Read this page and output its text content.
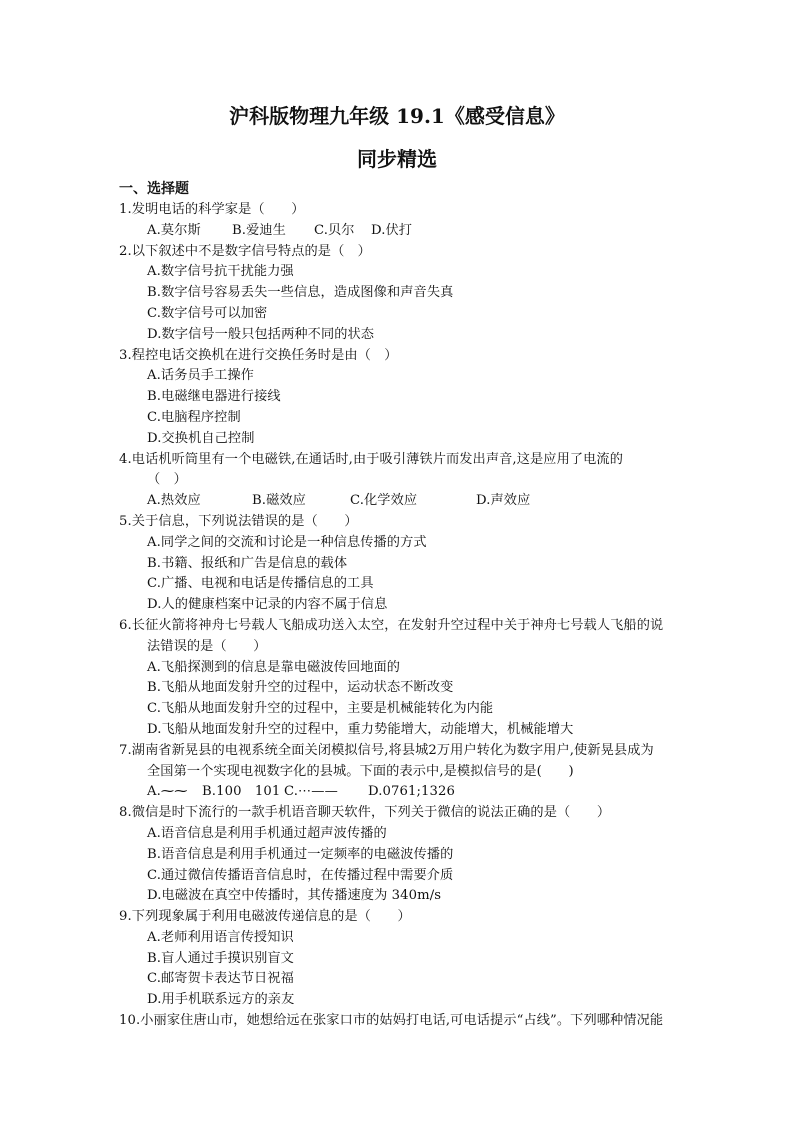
沪科版物理九年级 19.1《感受信息》
同步精选
一、选择题
1.发明电话的科学家是（　　）
A.莫尔斯	B.爱迪生	C.贝尔	D.伏打
2.以下叙述中不是数字信号特点的是（　）
A.数字信号抗干扰能力强
B.数字信号容易丢失一些信息，造成图像和声音失真
C.数字信号可以加密
D.数字信号一般只包括两种不同的状态
3.程控电话交换机在进行交换任务时是由（　）
A.话务员手工操作
B.电磁继电器进行接线
C.电脑程序控制
D.交换机自己控制
4.电话机听筒里有一个电磁铁,在通话时,由于吸引薄铁片而发出声音,这是应用了电流的
（　）
A.热效应	B.磁效应	C.化学效应	D.声效应
5.关于信息，下列说法错误的是（　　）
A.同学之间的交流和讨论是一种信息传播的方式
B.书籍、报纸和广告是信息的载体
C.广播、电视和电话是传播信息的工具
D.人的健康档案中记录的内容不属于信息
6.长征火箭将神舟七号载人飞船成功送入太空，在发射升空过程中关于神舟七号载人飞船的说
法错误的是（　　）
A.飞船探测到的信息是靠电磁波传回地面的
B.飞船从地面发射升空的过程中，运动状态不断改变
C.飞船从地面发射升空的过程中，主要是机械能转化为内能
D.飞船从地面发射升空的过程中，重力势能增大，动能增大，机械能增大
7.湖南省新晃县的电视系统全面关闭模拟信号,将县城2万用户转化为数字用户,使新晃县成为
全国第一个实现电视数字化的县城。下面的表示中,是模拟信号的是(　　)
A.⁓⁓	B.100　101 C.⋯——	D.0761;1326
8.微信是时下流行的一款手机语音聊天软件，下列关于微信的说法正确的是（　　）
A.语音信息是利用手机通过超声波传播的
B.语音信息是利用手机通过一定频率的电磁波传播的
C.通过微信传播语音信息时，在传播过程中需要介质
D.电磁波在真空中传播时，其传播速度为 340m/s
9.下列现象属于利用电磁波传递信息的是（　　）
A.老师利用语言传授知识
B.盲人通过手摸识别盲文
C.邮寄贺卡表达节日祝福
D.用手机联系远方的亲友
10.小丽家住唐山市，她想给远在张家口市的姑妈打电话,可电话提示“占线”。下列哪种情况能
